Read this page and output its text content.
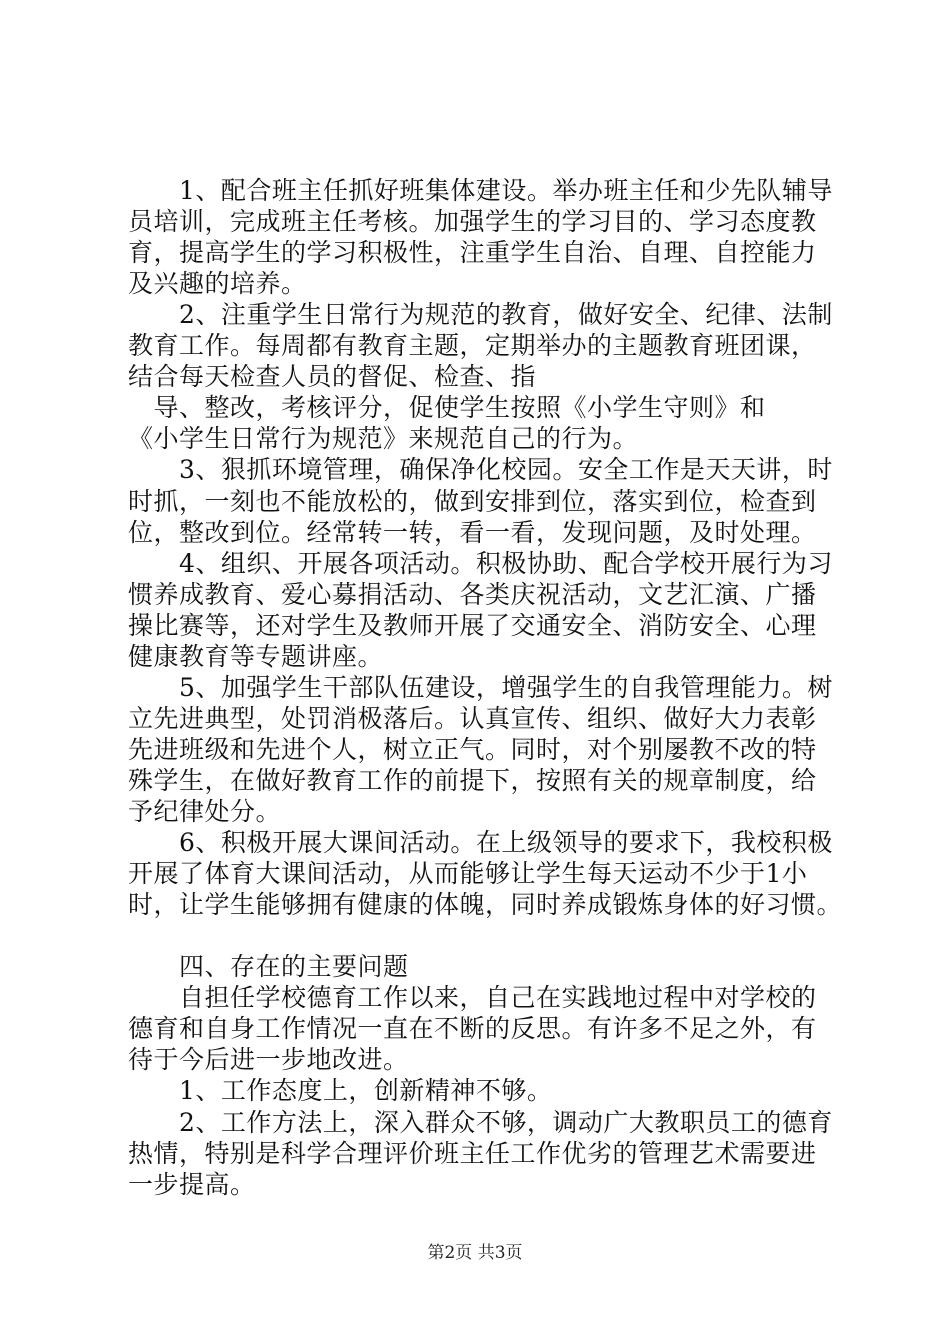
　　1、配合班主任抓好班集体建设。举办班主任和少先队辅导
员培训，完成班主任考核。加强学生的学习目的、学习态度教
育，提高学生的学习积极性，注重学生自治、自理、自控能力
及兴趣的培养。
　　2、注重学生日常行为规范的教育，做好安全、纪律、法制
教育工作。每周都有教育主题，定期举办的主题教育班团课，
结合每天检查人员的督促、检查、指
　导、整改，考核评分，促使学生按照《小学生守则》和
《小学生日常行为规范》来规范自己的行为。
　　3、狠抓环境管理，确保净化校园。安全工作是天天讲，时
时抓，一刻也不能放松的，做到安排到位，落实到位，检查到
位，整改到位。经常转一转，看一看，发现问题，及时处理。
　　4、组织、开展各项活动。积极协助、配合学校开展行为习
惯养成教育、爱心募捐活动、各类庆祝活动，文艺汇演、广播
操比赛等，还对学生及教师开展了交通安全、消防安全、心理
健康教育等专题讲座。
　　5、加强学生干部队伍建设，增强学生的自我管理能力。树
立先进典型，处罚消极落后。认真宣传、组织、做好大力表彰
先进班级和先进个人，树立正气。同时，对个别屡教不改的特
殊学生，在做好教育工作的前提下，按照有关的规章制度，给
予纪律处分。
　　6、积极开展大课间活动。在上级领导的要求下，我校积极
开展了体育大课间活动，从而能够让学生每天运动不少于1小
时，让学生能够拥有健康的体魄，同时养成锻炼身体的好习惯。
　　四、存在的主要问题
　　自担任学校德育工作以来，自己在实践地过程中对学校的
德育和自身工作情况一直在不断的反思。有许多不足之外，有
待于今后进一步地改进。
　　1、工作态度上，创新精神不够。
　　2、工作方法上，深入群众不够，调动广大教职员工的德育
热情，特别是科学合理评价班主任工作优劣的管理艺术需要进
一步提高。
第2页 共3页
